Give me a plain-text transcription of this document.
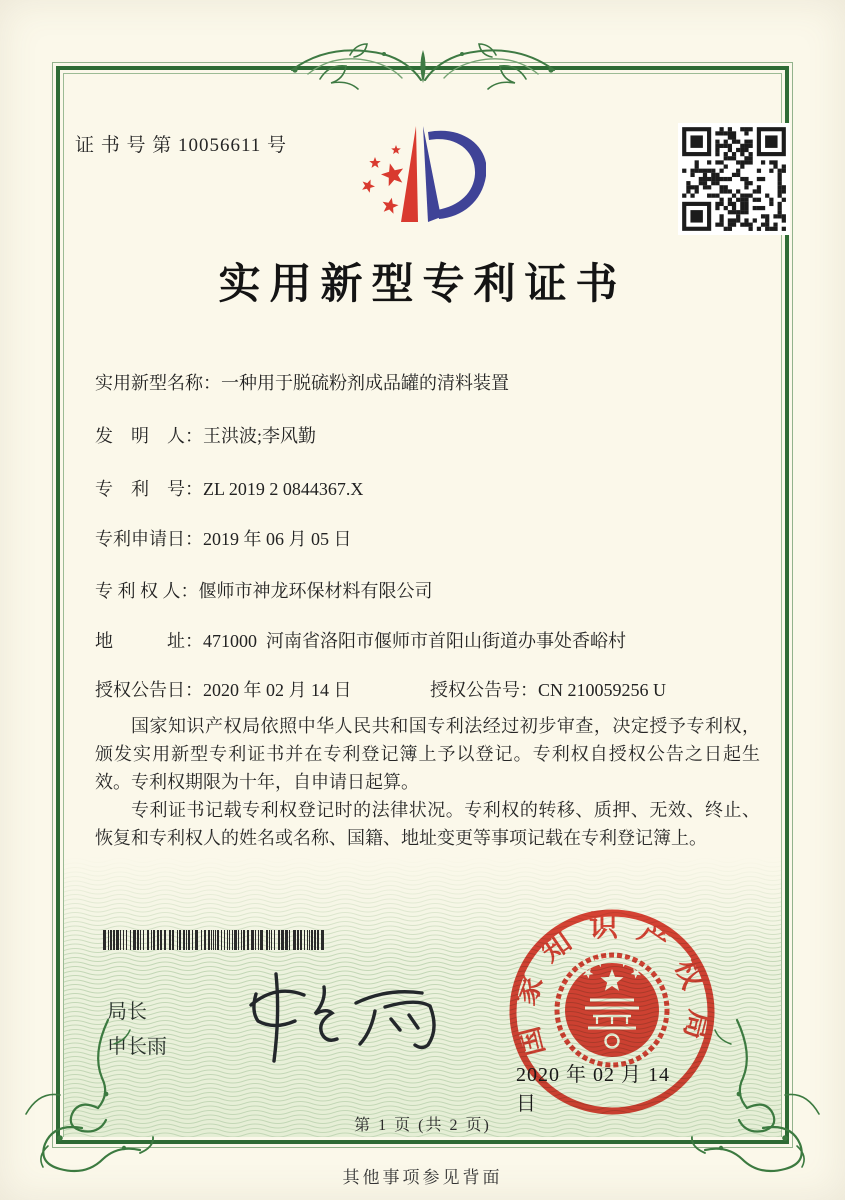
证 书 号 第 10056611 号
实用新型专利证书
实用新型名称：一种用于脱硫粉剂成品罐的清料装置
发　明　人：王洪波;李风勤
专　利　号：ZL 2019 2 0844367.X
专利申请日：2019 年 06 月 05 日
专 利 权 人：偃师市神龙环保材料有限公司
地　　　址：471000  河南省洛阳市偃师市首阳山街道办事处香峪村
授权公告日：2020 年 02 月 14 日	授权公告号：CN 210059256 U

国家知识产权局依照中华人民共和国专利法经过初步审查，决定授予专利权，颁发实用新型专利证书并在专利登记簿上予以登记。专利权自授权公告之日起生效。专利权期限为十年，自申请日起算。

专利证书记载专利权登记时的法律状况。专利权的转移、质押、无效、终止、恢复和专利权人的姓名或名称、国籍、地址变更等事项记载在专利登记簿上。

局长
申长雨	国家知识产权局
2020 年 02 月 14 日
第 1 页 (共 2 页)
其他事项参见背面
